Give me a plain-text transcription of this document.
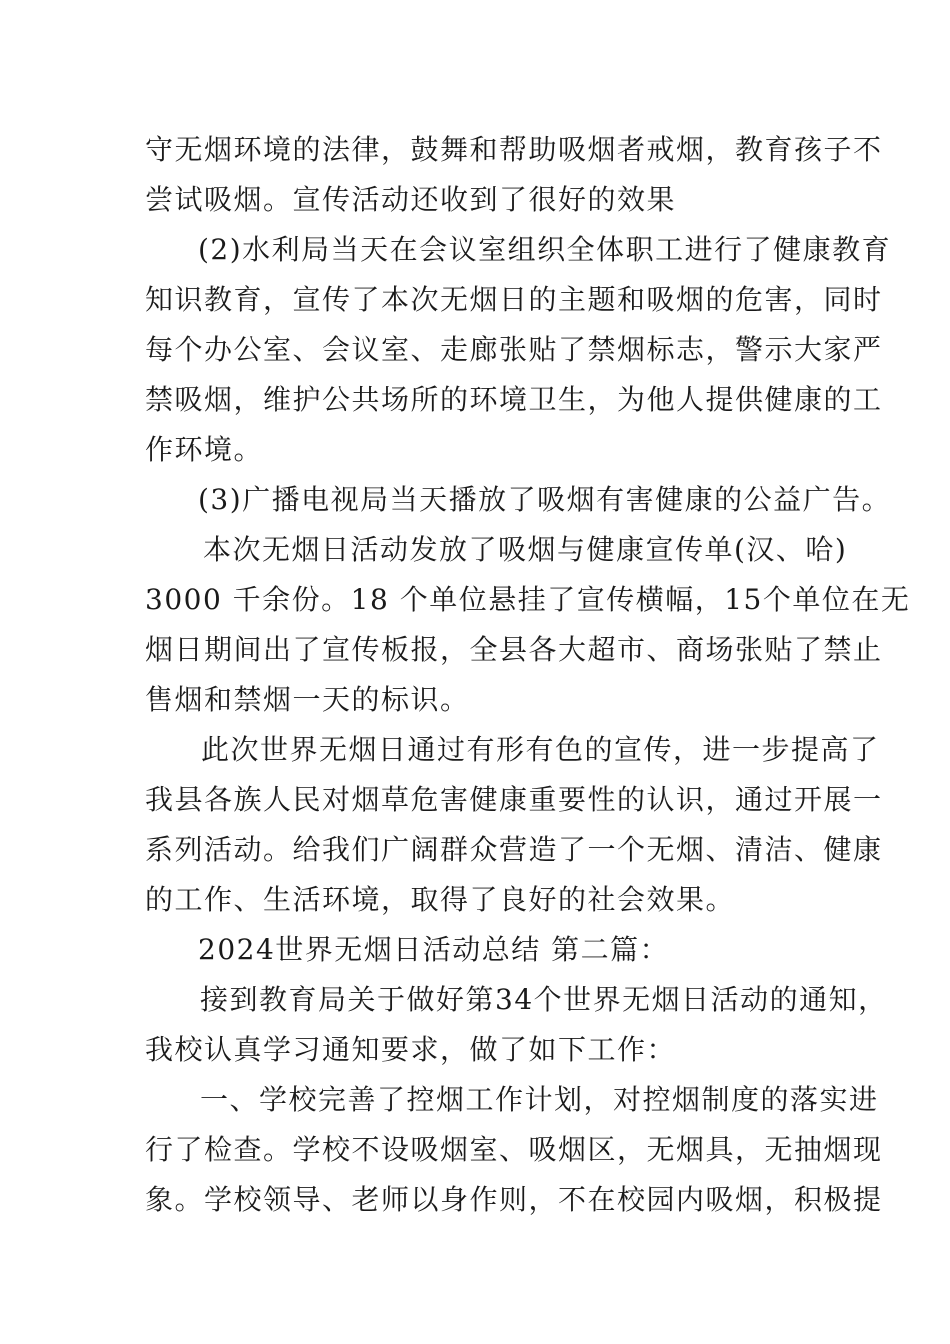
守无烟环境的法律，鼓舞和帮助吸烟者戒烟，教育孩子不
尝试吸烟。宣传活动还收到了很好的效果
(2)水利局当天在会议室组织全体职工进行了健康教育
知识教育，宣传了本次无烟日的主题和吸烟的危害，同时
每个办公室、会议室、走廊张贴了禁烟标志，警示大家严
禁吸烟，维护公共场所的环境卫生，为他人提供健康的工
作环境。
(3)广播电视局当天播放了吸烟有害健康的公益广告。
本次无烟日活动发放了吸烟与健康宣传单(汉、哈)
3000 千余份。18 个单位悬挂了宣传横幅，15个单位在无
烟日期间出了宣传板报，全县各大超市、商场张贴了禁止
售烟和禁烟一天的标识。
此次世界无烟日通过有形有色的宣传，进一步提高了
我县各族人民对烟草危害健康重要性的认识，通过开展一
系列活动。给我们广阔群众营造了一个无烟、清洁、健康
的工作、生活环境，取得了良好的社会效果。
2024世界无烟日活动总结 第二篇：
接到教育局关于做好第34个世界无烟日活动的通知，
我校认真学习通知要求，做了如下工作：
一、学校完善了控烟工作计划，对控烟制度的落实进
行了检查。学校不设吸烟室、吸烟区，无烟具，无抽烟现
象。学校领导、老师以身作则，不在校园内吸烟，积极提
